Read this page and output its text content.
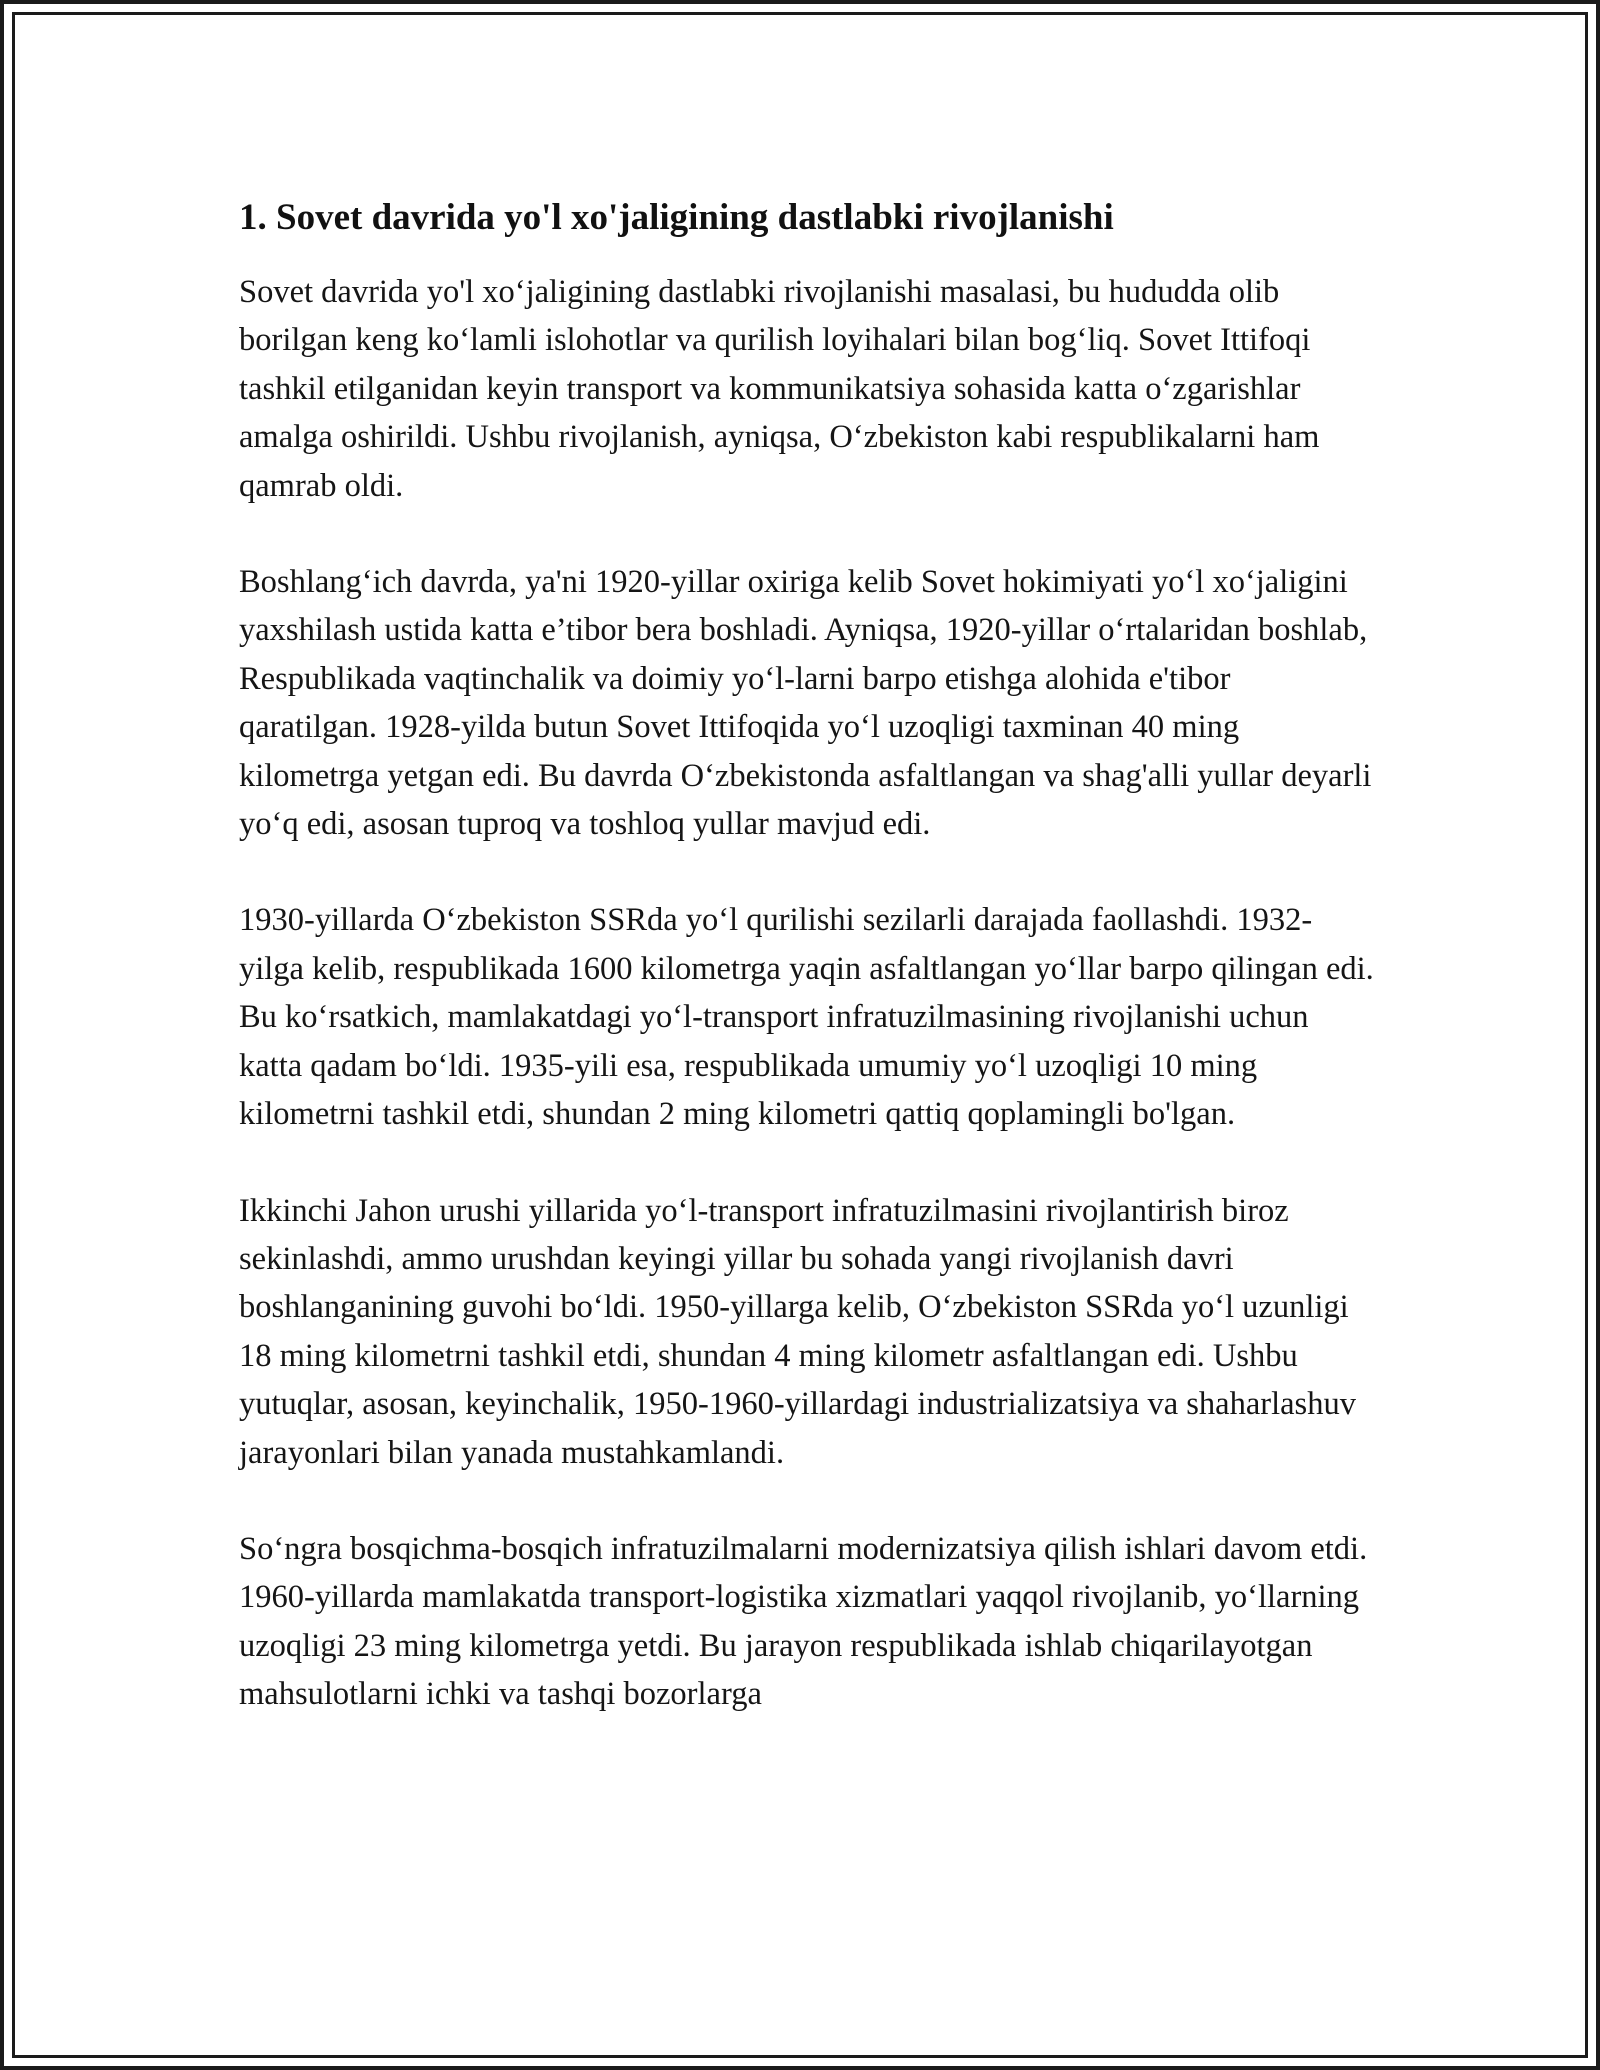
1. Sovet davrida yo'l xo'jaligining dastlabki rivojlanishi

Sovet davrida yo'l xo‘jaligining dastlabki rivojlanishi masalasi, bu hududda olib borilgan keng ko‘lamli islohotlar va qurilish loyihalari bilan bog‘liq. Sovet Ittifoqi tashkil etilganidan keyin transport va kommunikatsiya sohasida katta o‘zgarishlar amalga oshirildi. Ushbu rivojlanish, ayniqsa, O‘zbekiston kabi respublikalarni ham qamrab oldi.

Boshlang‘ich davrda, ya'ni 1920-yillar oxiriga kelib Sovet hokimiyati yo‘l xo‘jaligini yaxshilash ustida katta e’tibor bera boshladi. Ayniqsa, 1920-yillar o‘rtalaridan boshlab, Respublikada vaqtinchalik va doimiy yo‘l-larni barpo etishga alohida e'tibor qaratilgan. 1928-yilda butun Sovet Ittifoqida yo‘l uzoqligi taxminan 40 ming kilometrga yetgan edi. Bu davrda O‘zbekistonda asfaltlangan va shag'alli yullar deyarli yo‘q edi, asosan tuproq va toshloq yullar mavjud edi.

1930-yillarda O‘zbekiston SSRda yo‘l qurilishi sezilarli darajada faollashdi. 1932-yilga kelib, respublikada 1600 kilometrga yaqin asfaltlangan yo‘llar barpo qilingan edi. Bu ko‘rsatkich, mamlakatdagi yo‘l-transport infratuzilmasining rivojlanishi uchun katta qadam bo‘ldi. 1935-yili esa, respublikada umumiy yo‘l uzoqligi 10 ming kilometrni tashkil etdi, shundan 2 ming kilometri qattiq qoplamingli bo'lgan.

Ikkinchi Jahon urushi yillarida yo‘l-transport infratuzilmasini rivojlantirish biroz sekinlashdi, ammo urushdan keyingi yillar bu sohada yangi rivojlanish davri boshlanganining guvohi bo‘ldi. 1950-yillarga kelib, O‘zbekiston SSRda yo‘l uzunligi 18 ming kilometrni tashkil etdi, shundan 4 ming kilometr asfaltlangan edi. Ushbu yutuqlar, asosan, keyinchalik, 1950-1960-yillardagi industrializatsiya va shaharlashuv jarayonlari bilan yanada mustahkamlandi.

So‘ngra bosqichma-bosqich infratuzilmalarni modernizatsiya qilish ishlari davom etdi. 1960-yillarda mamlakatda transport-logistika xizmatlari yaqqol rivojlanib, yo‘llarning uzoqligi 23 ming kilometrga yetdi. Bu jarayon respublikada ishlab chiqarilayotgan mahsulotlarni ichki va tashqi bozorlarga
